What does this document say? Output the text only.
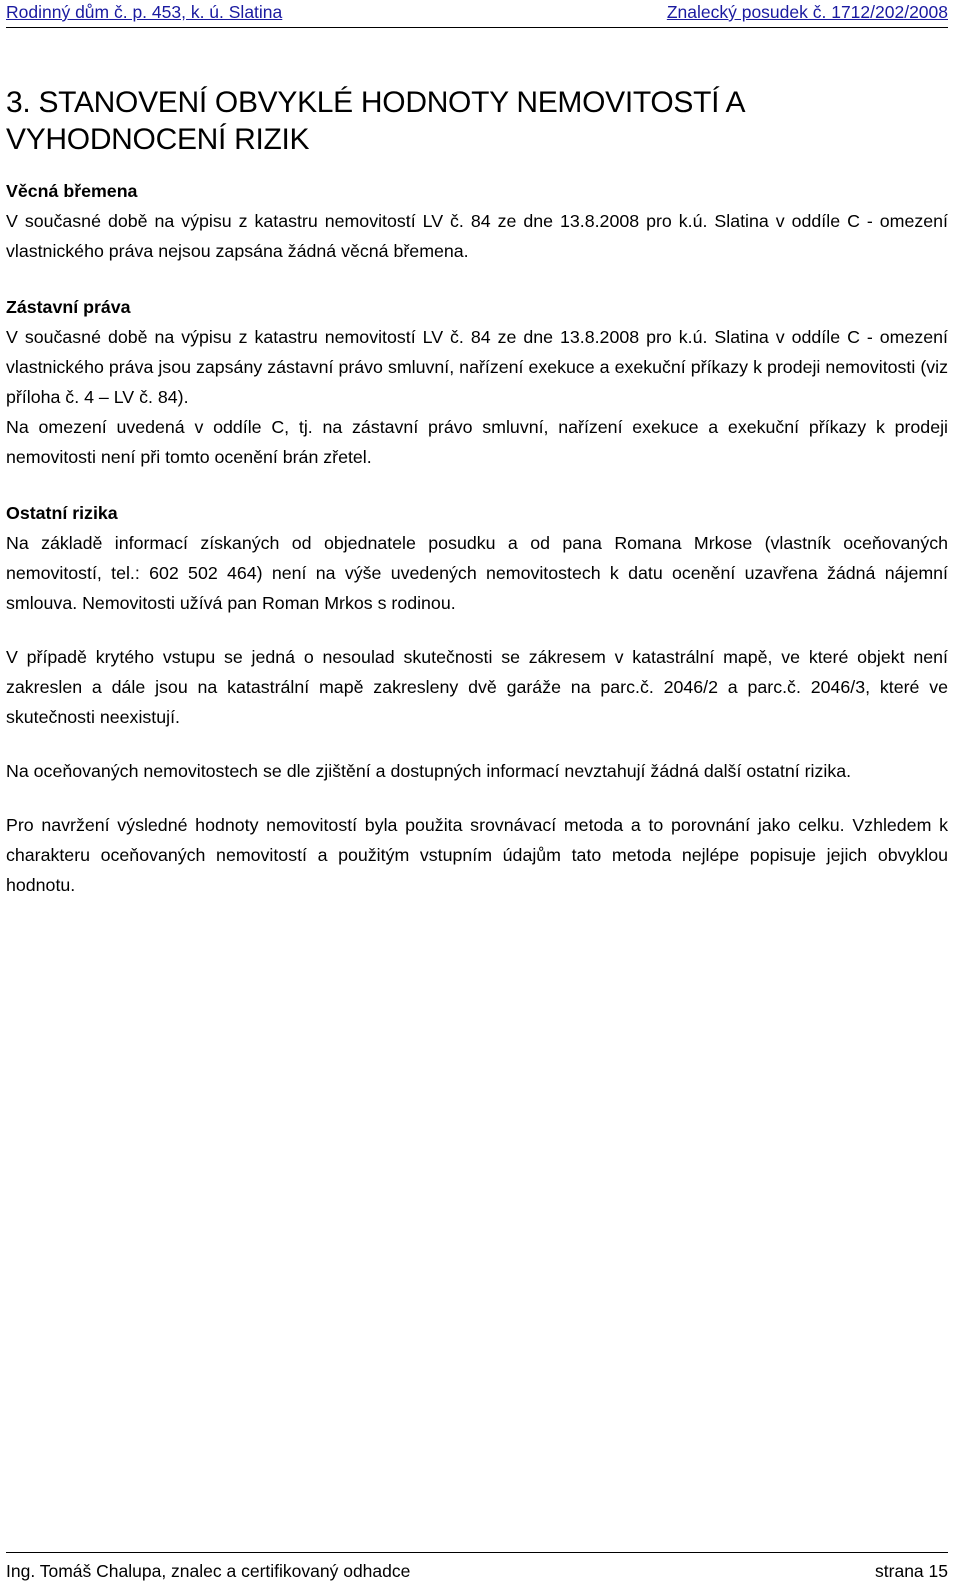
Rodinný dům č. p. 453, k. ú. Slatina	Znalecký posudek č. 1712/202/2008
3. STANOVENÍ OBVYKLÉ HODNOTY NEMOVITOSTÍ A VYHODNOCENÍ RIZIK
Věcná břemena

V současné době na výpisu z katastru nemovitostí LV č. 84 ze dne 13.8.2008 pro k.ú. Slatina v oddíle C - omezení vlastnického práva nejsou zapsána žádná věcná břemena.

Zástavní práva

V současné době na výpisu z katastru nemovitostí LV č. 84 ze dne 13.8.2008 pro k.ú. Slatina v oddíle C - omezení vlastnického práva jsou zapsány zástavní právo smluvní, nařízení exekuce a exekuční příkazy k prodeji nemovitosti (viz příloha č. 4 – LV č. 84).

Na omezení uvedená v oddíle C, tj. na zástavní právo smluvní, nařízení exekuce a exekuční příkazy k prodeji nemovitosti není při tomto ocenění brán zřetel.

Ostatní rizika

Na základě informací získaných od objednatele posudku a od pana Romana Mrkose (vlastník oceňovaných nemovitostí, tel.: 602 502 464) není na výše uvedených nemovitostech k datu ocenění uzavřena žádná nájemní smlouva. Nemovitosti užívá pan Roman Mrkos s rodinou.

V případě krytého vstupu se jedná o nesoulad skutečnosti se zákresem v katastrální mapě, ve které objekt není zakreslen a dále jsou na katastrální mapě zakresleny dvě garáže na parc.č. 2046/2 a parc.č. 2046/3, které ve skutečnosti neexistují.

Na oceňovaných nemovitostech se dle zjištění a dostupných informací nevztahují žádná další ostatní rizika.

Pro navržení výsledné hodnoty nemovitostí byla použita srovnávací metoda a to porovnání jako celku. Vzhledem k charakteru oceňovaných nemovitostí a použitým vstupním údajům tato metoda nejlépe popisuje jejich obvyklou hodnotu.

Ing. Tomáš Chalupa, znalec a certifikovaný odhadce	strana 15
